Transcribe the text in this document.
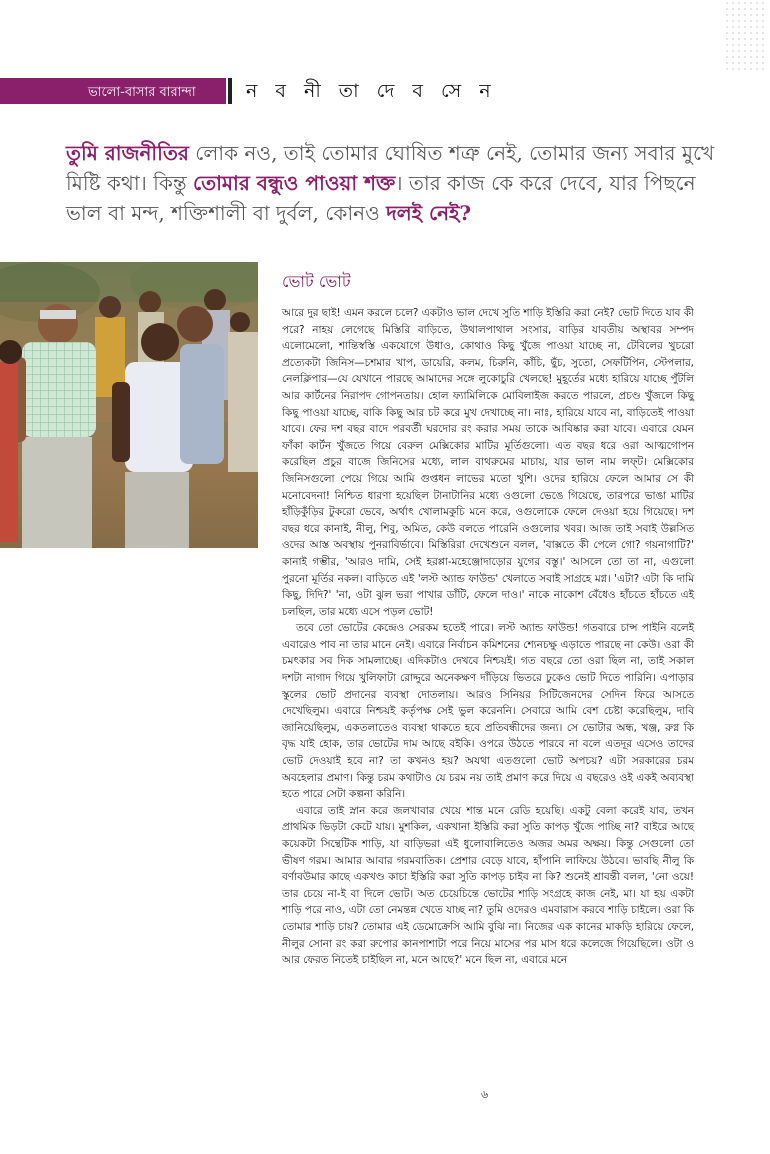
ভালো-বাসার বারান্দা	ন ব নী তা দে ব সে ন

তুমি রাজনীতির লোক নও, তাই তোমার ঘোষিত শত্রু নেই, তোমার জন্য সবার মুখে মিষ্টি কথা। কিন্তু তোমার বন্ধুও পাওয়া শক্ত। তার কাজ কে করে দেবে, যার পিছনে ভাল বা মন্দ, শক্তিশালী বা দুর্বল, কোনও দলই নেই?

ভোট ভোট

আরে দুর ছাই! এমন করলে চলে? একটাও ভাল দেখে সুতি শাড়ি ইস্তিরি করা নেই? ভোট দিতে যাব কী পরে? নাহয় লেগেছে মিস্তিরি বাড়িতে, উথালপাথাল সংসার, বাড়ির যাবতীয় অস্থাবর সম্পদ এলোমেলো, শান্তিস্বস্তি একযোগে উধাও, কোথাও কিছু খুঁজে পাওয়া যাচ্ছে না, টেবিলের খুচরো প্রত্যেকটা জিনিস—চশমার খাপ, ডায়েরি, কলম, চিরুনি, কাঁচি, ছুঁচ, সুতো, সেফটিপিন, স্টেপলার, নেলক্লিপার—যে যেখানে পারছে আমাদের সঙ্গে লুকোচুরি খেলছে! মুহূর্তের মধ্যে হারিয়ে যাচ্ছে পুঁটলি আর কার্টনের নিরাপদ গোপনতায়। হোল ফ্যামিলিকে মোবিলাইজ করতে পারলে, প্রচণ্ড খুঁজলে কিছু কিছু পাওয়া যাচ্ছে, বাকি কিছু আর চট করে মুখ দেখাচ্ছে না। নাঃ, হারিয়ে যাবে না, বাড়িতেই পাওয়া যাবে। ফের দশ বছর বাদে পরবর্তী ঘরদোর রং করার সময় তাকে আবিষ্কার করা যাবে। এবারে যেমন ফাঁকা কার্টন খুঁজতে গিয়ে বেরুল মেক্সিকোর মাটির মূর্তিগুলো। এত বছর ধরে ওরা আত্মগোপন করেছিল প্রচুর বাজে জিনিসের মধ্যে, লাল বাথরুমের মাচায়, যার ভাল নাম লফ্‌ট। মেক্সিকোর জিনিসগুলো পেয়ে গিয়ে আমি গুপ্তধন লাভের মতো খুশি। ওদের হারিয়ে ফেলে আমার সে কী মনোবেদনা! নিশ্চিত ধারণা হয়েছিল টানাটানির মধ্যে ওগুলো ভেঙে গিয়েছে, তারপরে ভাঙা মাটির হাঁড়িকুঁড়ির টুকরো ভেবে, অর্থাৎ খোলামকুচি মনে করে, ওগুলোকে ফেলে দেওয়া হয়ে গিয়েছে। দশ বছর ধরে কানাই, নীলু, শিবু, অমিত, কেউ বলতে পারেনি ওগুলোর খবর। আজ তাই সবাই উল্লসিত ওদের আস্ত অবস্থায় পুনরাবির্ভাবে। মিস্তিরিরা দেখেশুনে বলল, 'বাক্সতে কী পেলে গো? গয়নাগাটি?' কানাই গম্ভীর, 'আরও দামি, সেই হরপ্পা-মহেঞ্জোদাড়োর যুগের বস্তু।' আসলে তো তা না, এগুলো পুরনো মূর্তির নকল। বাড়িতে এই 'লস্ট অ্যান্ড ফাউন্ড' খেলাতে সবাই সাগ্রহে মগ্ন। 'এটা? এটা কি দামি কিছু, দিদি?' 'না, ওটা ঝুল ভরা পাখার ডাঁটি, ফেলে দাও।' নাকে নাকোশ বেঁধেও হাঁচতে হাঁচতে এই চলছিল, তার মধ্যে এসে পড়ল ভোট!

তবে তো ভোটের কেন্দ্রেও সেরকম হতেই পারে। লস্ট অ্যান্ড ফাউন্ড! গতবারে চান্স পাইনি বলেই এবারেও পাব না তার মানে নেই। এবারে নির্বাচন কমিশনের শ্যেনচক্ষু এড়াতে পারছে না কেউ। ওরা কী চমৎকার সব দিক সামলাচ্ছে। এদিকটাও দেখবে নিশ্চয়ই। গত বছরে তো ওরা ছিল না, তাই সকাল দশটা নাগাদ গিয়ে খুলিফাটা রোদ্দুরে অনেকক্ষণ দাঁড়িয়ে ভিতরে ঢুকেও ভোট দিতে পারিনি। এপাড়ার স্কুলের ভোট প্রদানের ব্যবস্থা দোতলায়। আরও সিনিয়র সিটিজেনদের সেদিন ফিরে আসতে দেখেছিলুম। এবারে নিশ্চয়ই কর্তৃপক্ষ সেই ভুল করেননি। সেবারে আমি বেশ চেষ্টা করেছিলুম, দাবি জানিয়েছিলুম, একতলাতেও ব্যবস্থা থাকতে হবে প্রতিবন্ধীদের জন্য। সে ভোটার অন্ধ, খঞ্জ, রুগ্ন কি বৃদ্ধ যাই হোক, তার ভোটের দাম আছে বইকি। ওপরে উঠতে পারবে না বলে এতদূর এসেও তাদের ভোট দেওয়াই হবে না? তা কখনও হয়? অযথা এতগুলো ভোট অপচয়? এটা সরকারের চরম অবহেলার প্রমাণ। কিন্তু চরম কথাটাও যে চরম নয় তাই প্রমাণ করে দিয়ে এ বছরেও ওই একই অব্যবস্থা হতে পারে সেটা কল্পনা করিনি।

এবারে তাই স্নান করে জলখাবার খেয়ে শান্ত মনে রেডি হয়েছি। একটু বেলা করেই যাব, তখন প্রাথমিক ভিড়টা কেটে যায়। মুশকিল, একখানা ইস্তিরি করা সুতি কাপড় খুঁজে পাচ্ছি না? বাইরে আছে কয়েকটা সিন্থেটিক শাড়ি, যা বাড়িভরা এই ধুলোবালিতেও অজর অমর অক্ষয়। কিন্তু সেগুলো তো ভীষণ গরম। আমার আবার গরমবাতিক। প্রেশার বেড়ে যাবে, হাঁপানি লাফিয়ে উঠবে। ভাবছি নীলু কি বর্ণাবউমার কাছে একখণ্ড কাচা ইস্তিরি করা সুতি কাপড় চাইব না কি? শুনেই শ্রাবন্তী বলল, 'নো ওয়ে! তার চেয়ে না-ই বা দিলে ভোট। অত চেয়েচিন্তে ভোটের শাড়ি সংগ্রহে কাজ নেই, মা। যা হয় একটা শাড়ি পরে নাও, এটা তো নেমন্তন্ন খেতে যাচ্ছ না? তুমি ওদেরও এমবারাস করবে শাড়ি চাইলে। ওরা কি তোমার শাড়ি চায়? তোমার এই ডেমোক্রেসি আমি বুঝি না। নিজের এক কানের মাকড়ি হারিয়ে ফেলে, নীলুর সোনা রং করা রুপোর কানপাশাটা পরে নিয়ে মাসের পর মাস ধরে কলেজে গিয়েছিলে। ওটা ও আর ফেরত নিতেই চাইছিল না, মনে আছে?' মনে ছিল না, এবারে মনে

৬
